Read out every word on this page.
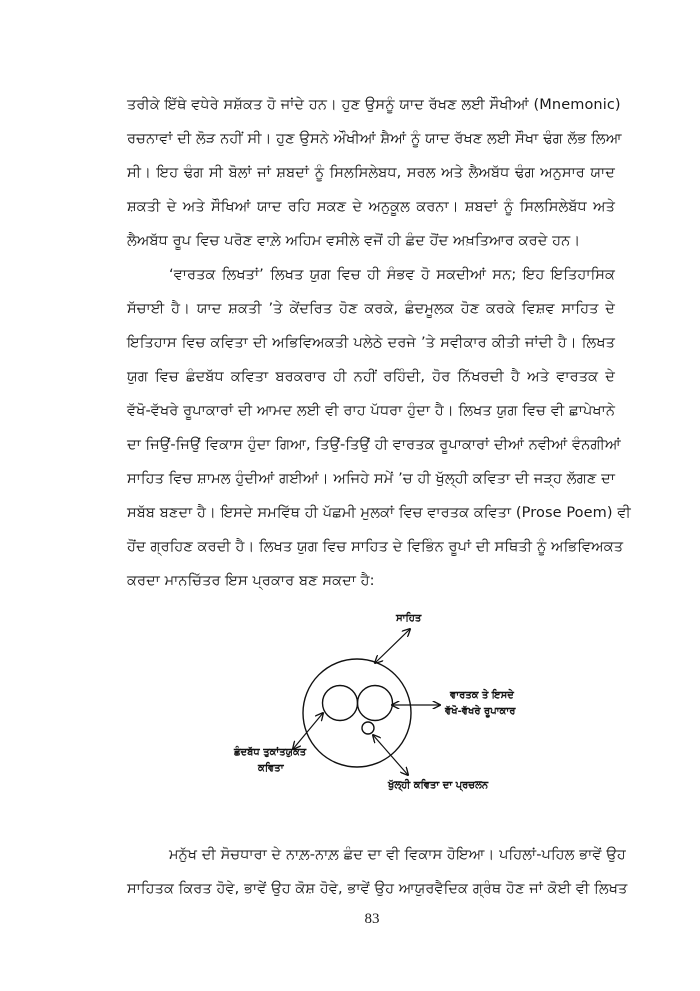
ਤਰੀਕੇ ਇੱਥੇ ਵਧੇਰੇ ਸਸ਼ੱਕਤ ਹੋ ਜਾਂਦੇ ਹਨ। ਹੁਣ ਉਸਨੂੰ ਯਾਦ ਰੱਖਣ ਲਈ ਸੌਖੀਆਂ (Mnemonic)
ਰਚਨਾਵਾਂ ਦੀ ਲੋੜ ਨਹੀਂ ਸੀ। ਹੁਣ ਉਸਨੇ ਔਖੀਆਂ ਸ਼ੈਆਂ ਨੂੰ ਯਾਦ ਰੱਖਣ ਲਈ ਸੌਖਾ ਢੰਗ ਲੱਭ ਲਿਆ
ਸੀ। ਇਹ ਢੰਗ ਸੀ ਬੋਲਾਂ ਜਾਂ ਸ਼ਬਦਾਂ ਨੂੰ ਸਿਲਸਿਲੇਬਧ, ਸਰਲ ਅਤੇ ਲੈਅਬੱਧ ਢੰਗ ਅਨੁਸਾਰ ਯਾਦ
ਸ਼ਕਤੀ ਦੇ ਅਤੇ ਸੌਖਿਆਂ ਯਾਦ ਰਹਿ ਸਕਣ ਦੇ ਅਨੁਕੂਲ ਕਰਨਾ। ਸ਼ਬਦਾਂ ਨੂੰ ਸਿਲਸਿਲੇਬੱਧ ਅਤੇ
ਲੈਅਬੱਧ ਰੂਪ ਵਿਚ ਪਰੋਣ ਵਾਲ਼ੇ ਅਹਿਮ ਵਸੀਲੇ ਵਜੋਂ ਹੀ ਛੰਦ ਹੋਂਦ ਅਖ਼ਤਿਆਰ ਕਰਦੇ ਹਨ।
‘ਵਾਰਤਕ ਲਿਖਤਾਂ’ ਲਿਖਤ ਯੁਗ ਵਿਚ ਹੀ ਸੰਭਵ ਹੋ ਸਕਦੀਆਂ ਸਨ; ਇਹ ਇਤਿਹਾਸਿਕ
ਸੱਚਾਈ ਹੈ। ਯਾਦ ਸ਼ਕਤੀ ’ਤੇ ਕੇਂਦਰਿਤ ਹੋਣ ਕਰਕੇ, ਛੰਦਮੂਲਕ ਹੋਣ ਕਰਕੇ ਵਿਸ਼ਵ ਸਾਹਿਤ ਦੇ
ਇਤਿਹਾਸ ਵਿਚ ਕਵਿਤਾ ਦੀ ਅਭਿਵਿਅਕਤੀ ਪਲੇਠੇ ਦਰਜੇ ’ਤੇ ਸਵੀਕਾਰ ਕੀਤੀ ਜਾਂਦੀ ਹੈ। ਲਿਖਤ
ਯੁਗ ਵਿਚ ਛੰਦਬੱਧ ਕਵਿਤਾ ਬਰਕਰਾਰ ਹੀ ਨਹੀਂ ਰਹਿੰਦੀ, ਹੋਰ ਨਿੱਖਰਦੀ ਹੈ ਅਤੇ ਵਾਰਤਕ ਦੇ
ਵੱਖੋ-ਵੱਖਰੇ ਰੂਪਾਕਾਰਾਂ ਦੀ ਆਮਦ ਲਈ ਵੀ ਰਾਹ ਪੱਧਰਾ ਹੁੰਦਾ ਹੈ। ਲਿਖਤ ਯੁਗ ਵਿਚ ਵੀ ਛਾਪੇਖਾਨੇ
ਦਾ ਜਿਉਂ-ਜਿਉਂ ਵਿਕਾਸ ਹੁੰਦਾ ਗਿਆ, ਤਿਉਂ-ਤਿਉਂ ਹੀ ਵਾਰਤਕ ਰੂਪਾਕਾਰਾਂ ਦੀਆਂ ਨਵੀਆਂ ਵੰਨਗੀਆਂ
ਸਾਹਿਤ ਵਿਚ ਸ਼ਾਮਲ ਹੁੰਦੀਆਂ ਗਈਆਂ। ਅਜਿਹੇ ਸਮੇਂ ’ਚ ਹੀ ਖੁੱਲ੍ਹੀ ਕਵਿਤਾ ਦੀ ਜੜ੍ਹ ਲੱਗਣ ਦਾ
ਸਬੱਬ ਬਣਦਾ ਹੈ। ਇਸਦੇ ਸਮਵਿੱਥ ਹੀ ਪੱਛਮੀ ਮੁਲਕਾਂ ਵਿਚ ਵਾਰਤਕ ਕਵਿਤਾ (Prose Poem) ਵੀ
ਹੋਂਦ ਗ੍ਰਹਿਣ ਕਰਦੀ ਹੈ। ਲਿਖਤ ਯੁਗ ਵਿਚ ਸਾਹਿਤ ਦੇ ਵਿਭਿੰਨ ਰੂਪਾਂ ਦੀ ਸਥਿਤੀ ਨੂੰ ਅਭਿਵਿਅਕਤ
ਕਰਦਾ ਮਾਨਚਿੱਤਰ ਇਸ ਪ੍ਰਕਾਰ ਬਣ ਸਕਦਾ ਹੈ:
ਸਾਹਿਤ
ਵਾਰਤਕ ਤੇ ਇਸਦੇ
ਵੱਖੋ-ਵੱਖਰੇ ਰੂਪਾਕਾਰ
ਛੰਦਬੱਧ ਤੁਕਾਂਤਯੁਕਤ
ਕਵਿਤਾ
ਖੁੱਲ੍ਹੀ ਕਵਿਤਾ ਦਾ ਪ੍ਰਚਲਨ
ਮਨੁੱਖ ਦੀ ਸੋਚਧਾਰਾ ਦੇ ਨਾਲ਼-ਨਾਲ਼ ਛੰਦ ਦਾ ਵੀ ਵਿਕਾਸ ਹੋਇਆ। ਪਹਿਲਾਂ-ਪਹਿਲ ਭਾਵੇਂ ਉਹ
ਸਾਹਿਤਕ ਕਿਰਤ ਹੋਵੇ, ਭਾਵੇਂ ਉਹ ਕੋਸ਼ ਹੋਵੇ, ਭਾਵੇਂ ਉਹ ਆਯੁਰਵੈਦਿਕ ਗ੍ਰੰਥ ਹੋਣ ਜਾਂ ਕੋਈ ਵੀ ਲਿਖਤ
83
